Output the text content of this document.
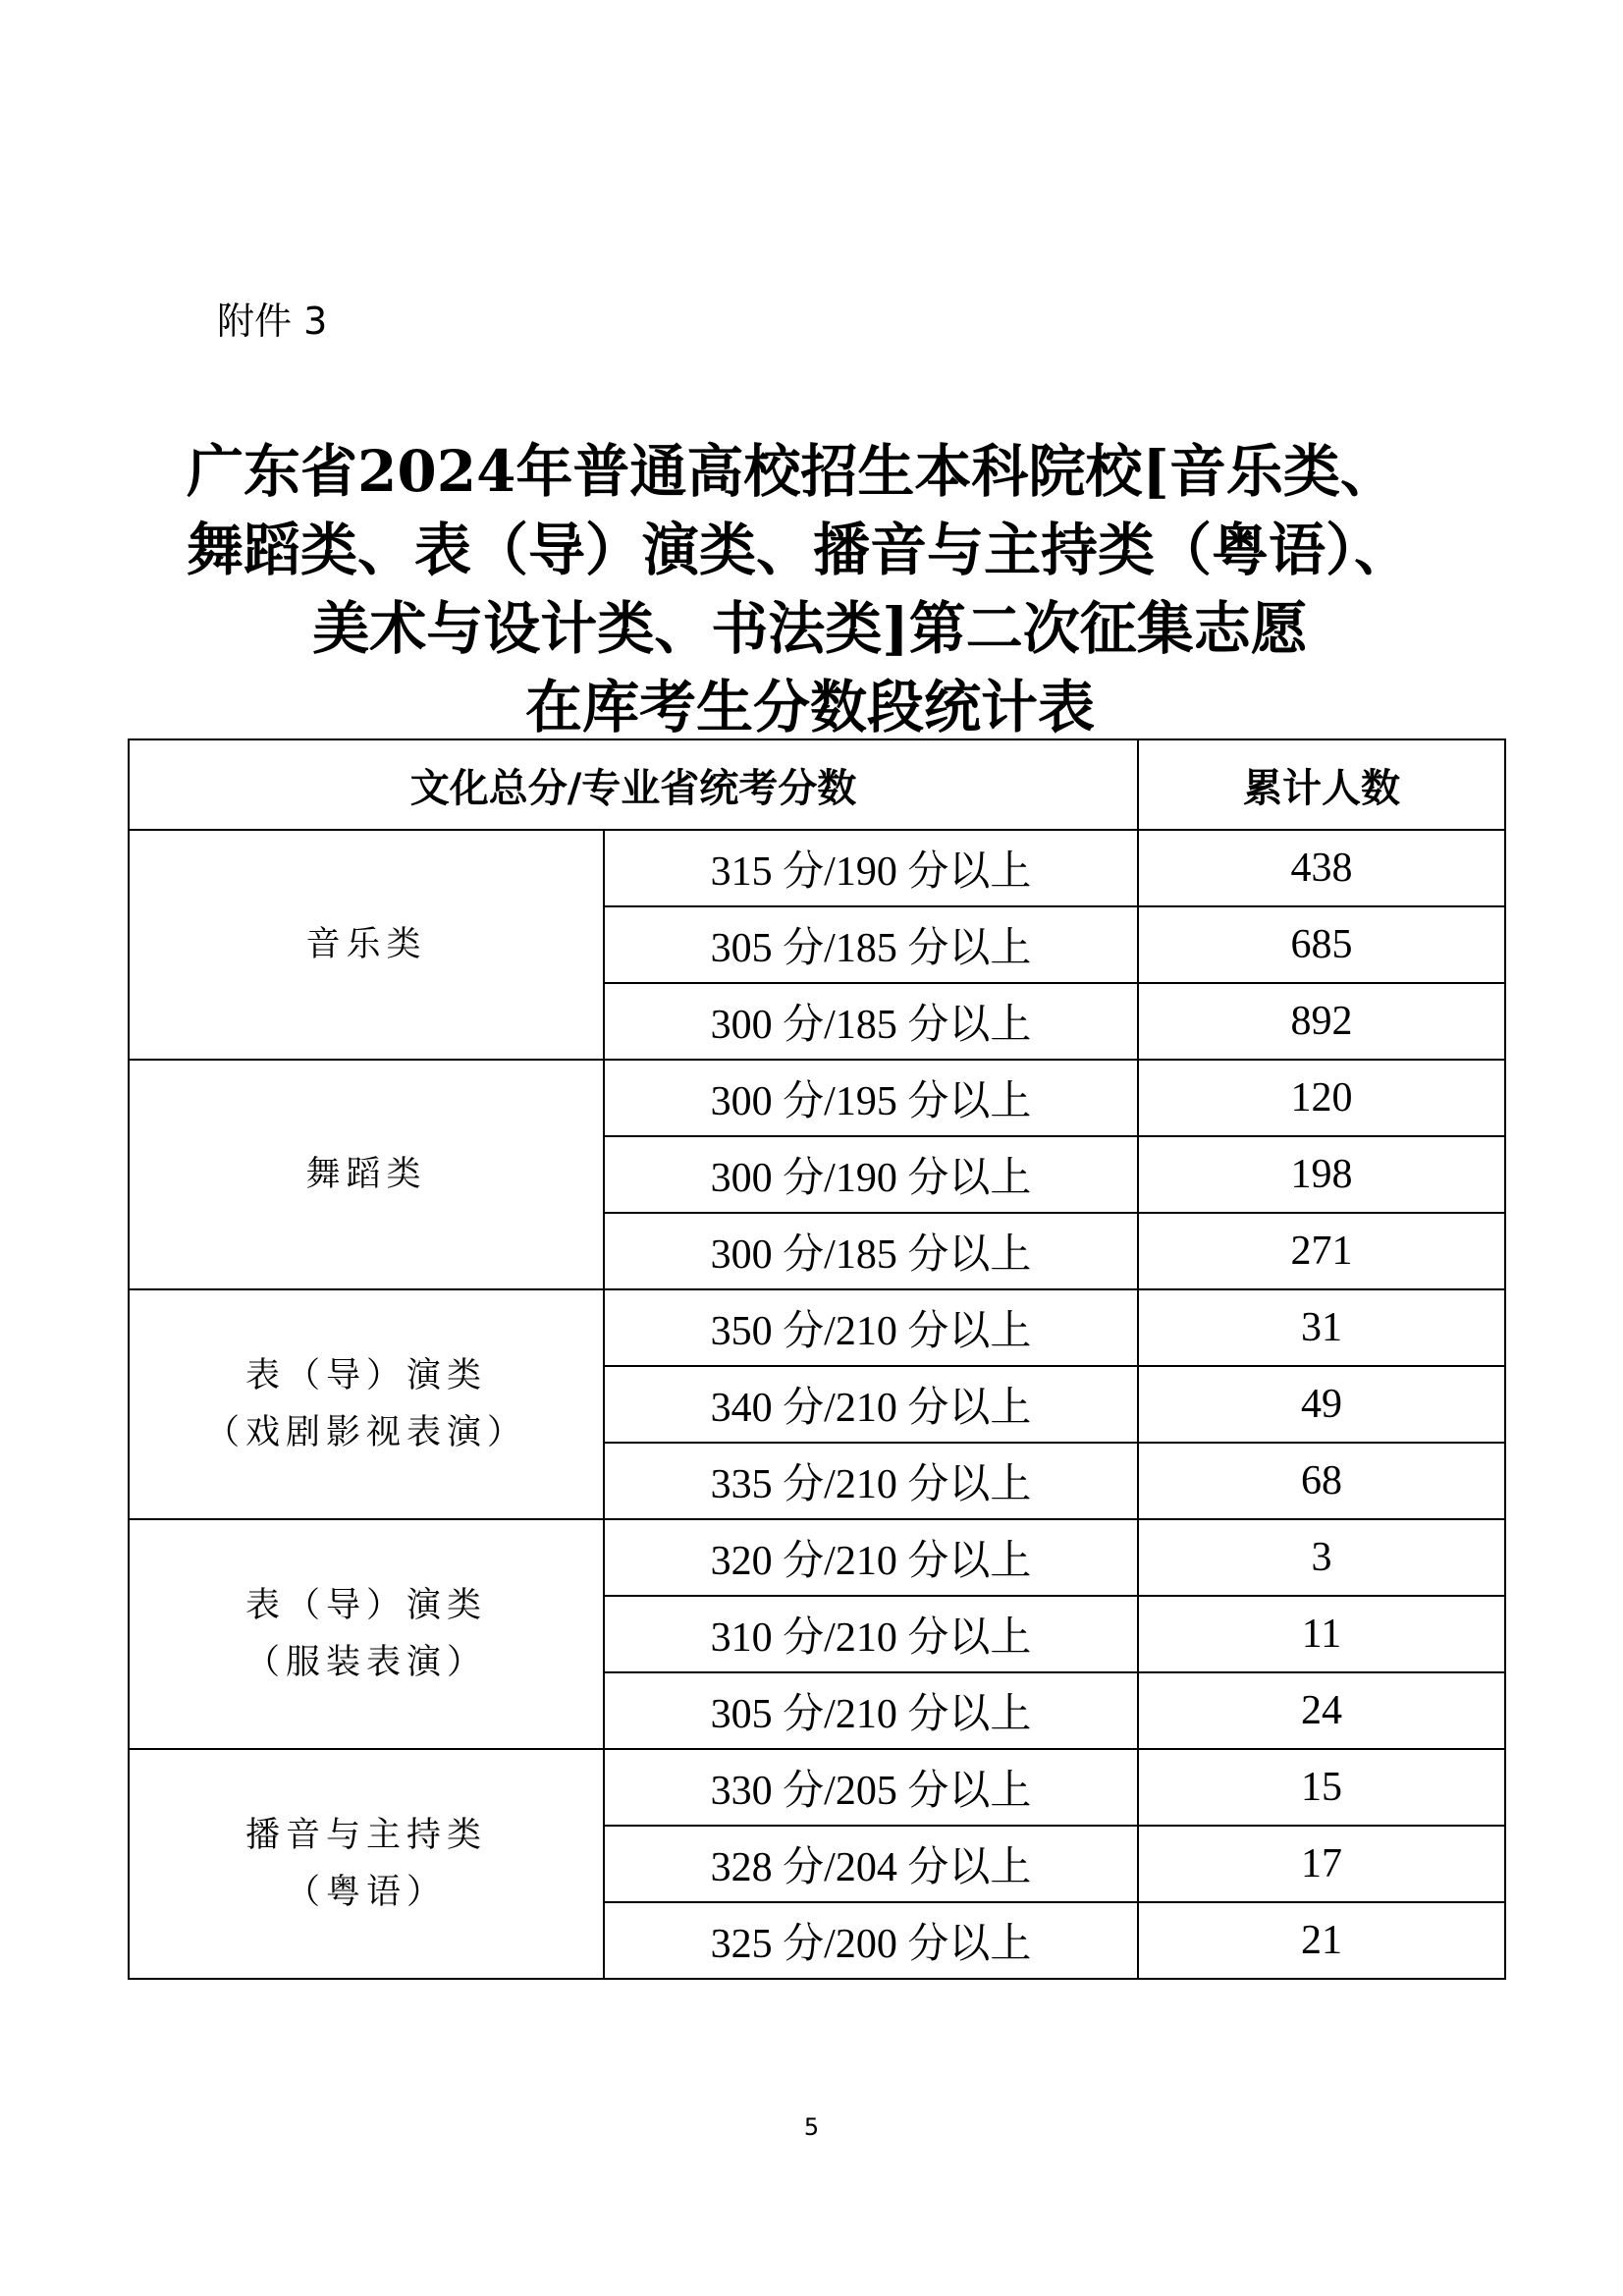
附件 3
广东省2024年普通高校招生本科院校[音乐类、
舞蹈类、表（导）演类、播音与主持类（粤语）、
美术与设计类、书法类]第二次征集志愿
在库考生分数段统计表
文化总分/专业省统考分数		累计人数

音乐类	315 分/190 分以上	438
	305 分/185 分以上	685
	300 分/185 分以上	892

舞蹈类	300 分/195 分以上	120
	300 分/190 分以上	198
	300 分/185 分以上	271

表（导）演类
（戏剧影视表演）	350 分/210 分以上	31
	340 分/210 分以上	49
	335 分/210 分以上	68

表（导）演类
（服装表演）	320 分/210 分以上	3
	310 分/210 分以上	11
	305 分/210 分以上	24

播音与主持类
（粤语）	330 分/205 分以上	15
	328 分/204 分以上	17
	325 分/200 分以上	21
5
